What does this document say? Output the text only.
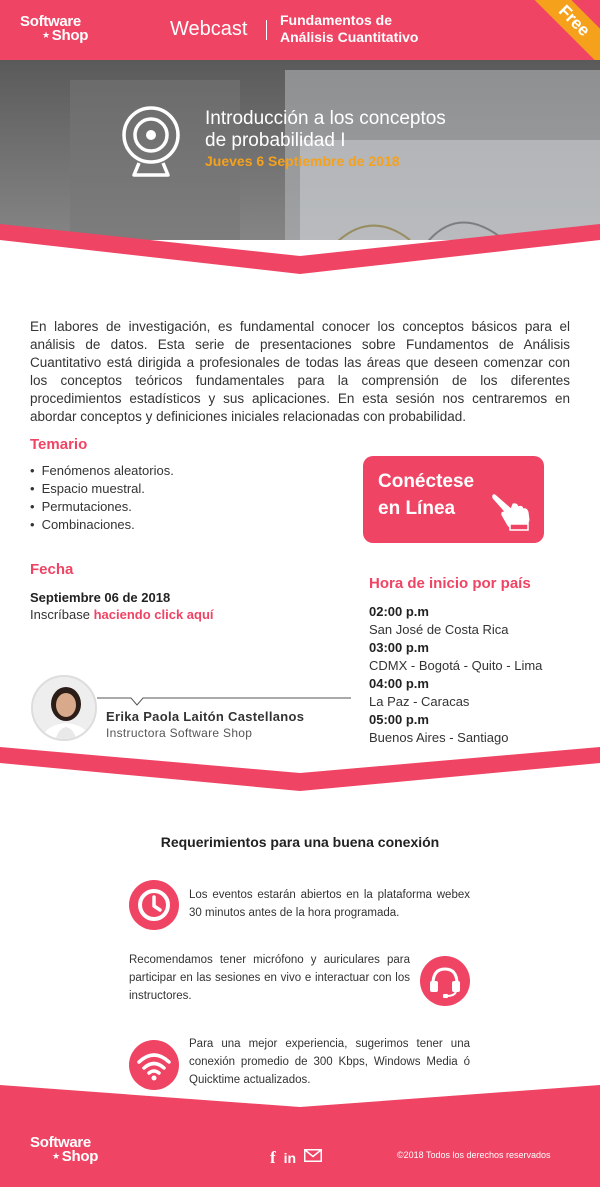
Software
★ Shop	Webcast Fundamentos de
Análisis Cuantitativo	Free
Introducción a los conceptos
de probabilidad I
Jueves 6 Septiembre de 2018

En labores de investigación, es fundamental conocer los conceptos básicos para el análisis de datos. Esta serie de presentaciones sobre Fundamentos de Análisis Cuantitativo está dirigida a profesionales de todas las áreas que deseen comenzar con los conceptos teóricos fundamentales para la comprensión de los diferentes procedimientos estadísticos y sus aplicaciones. En esta sesión nos centraremos en abordar conceptos y definiciones iniciales relacionadas con probabilidad.

Temario
• Fenómenos aleatorios.
• Espacio muestral.
• Permutaciones.
• Combinaciones.
Fecha
Septiembre 06 de 2018
Inscríbase haciendo click aquí
Conéctese
en Línea
Hora de inicio por país
02:00 p.m
San José de Costa Rica
03:00 p.m
CDMX - Bogotá - Quito - Lima
04:00 p.m
La Paz - Caracas
05:00 p.m
Buenos Aires - Santiago
Erika Paola Laitón Castellanos
Instructora Software Shop
Requerimientos para una buena conexión

Los eventos estarán abiertos en la plataforma webex 30 minutos antes de la hora programada.

Recomendamos tener micrófono y auriculares para participar en las sesiones en vivo e interactuar con los instructores.

Para una mejor experiencia, sugerimos tener una conexión promedio de 300 Kbps, Windows Media ó Quicktime actualizados.

Software
★ Shop	f in	©2018 Todos los derechos reservados
